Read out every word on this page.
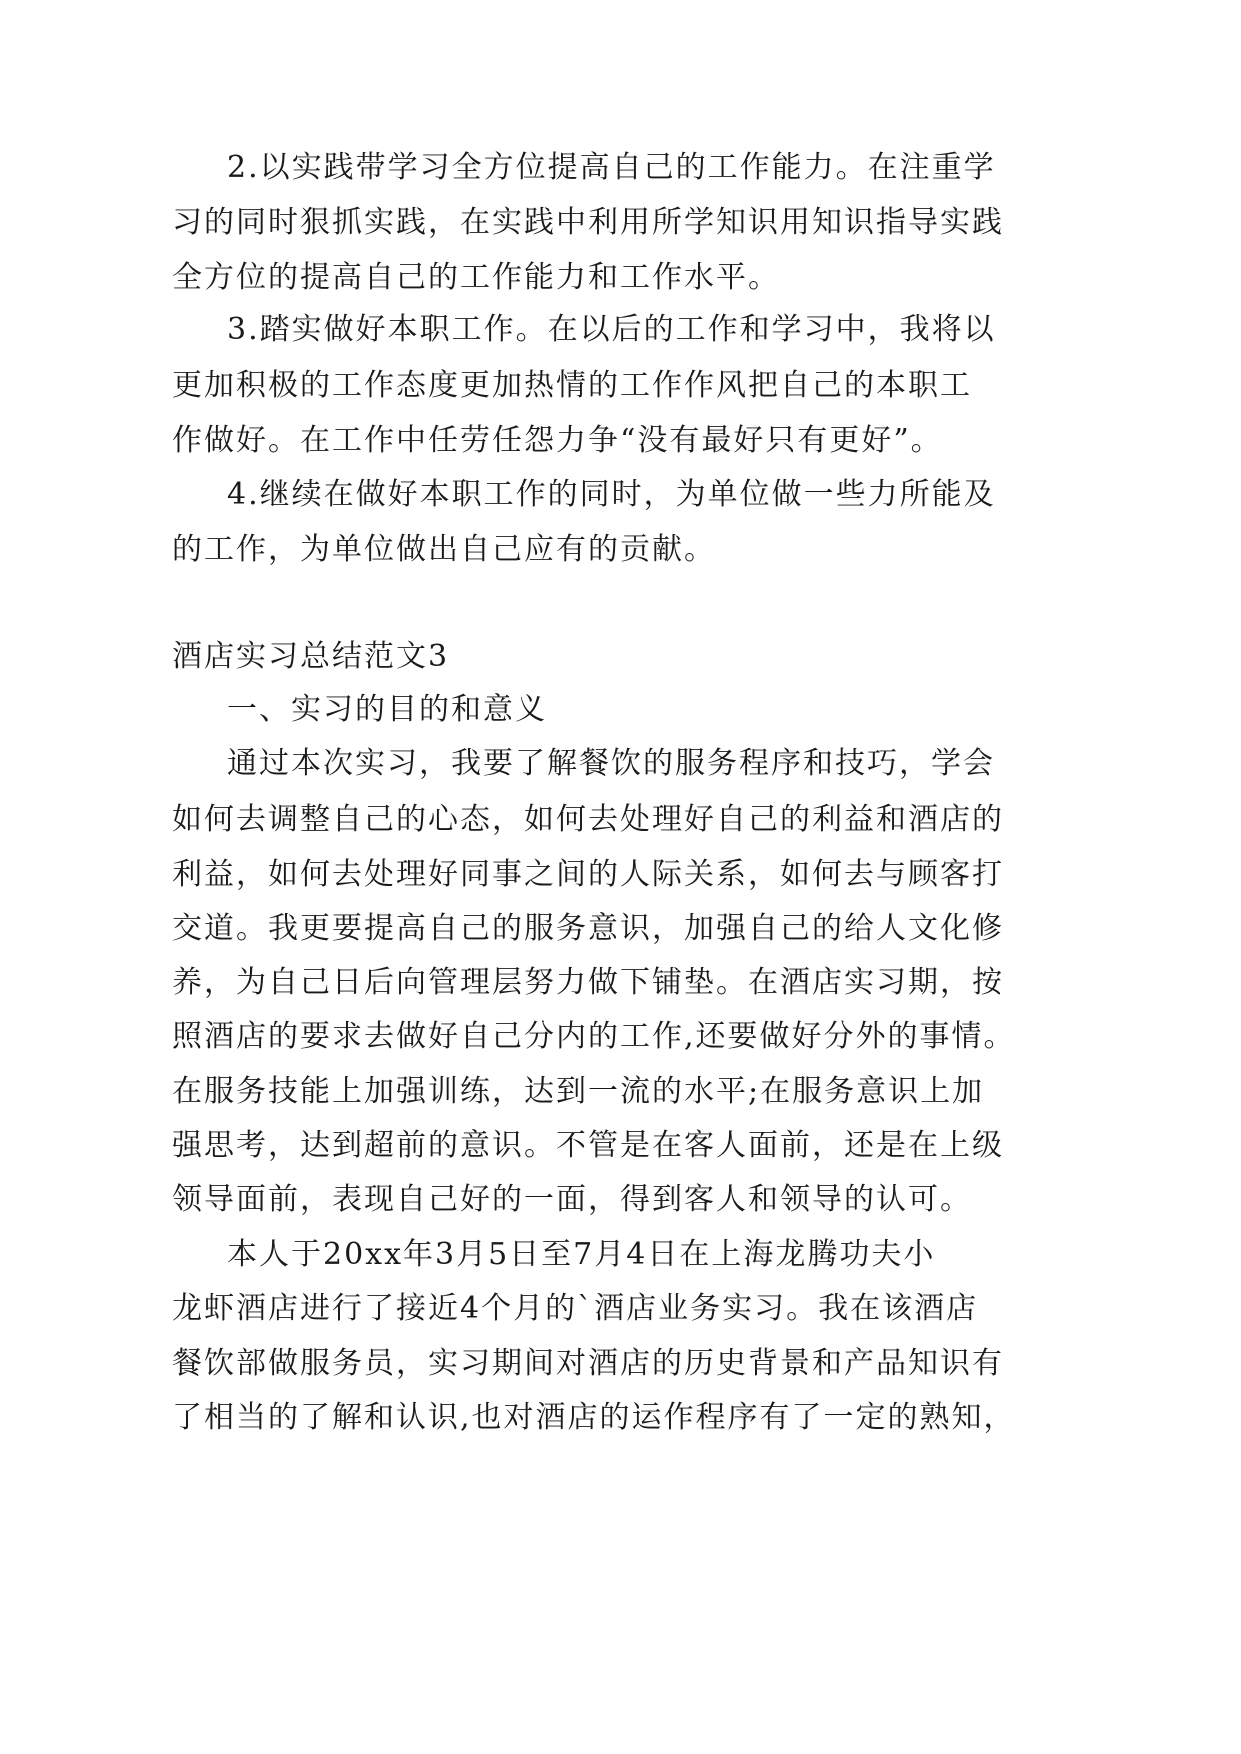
2.以实践带学习全方位提高自己的工作能力。在注重学
习的同时狠抓实践，在实践中利用所学知识用知识指导实践
全方位的提高自己的工作能力和工作水平。
3.踏实做好本职工作。在以后的工作和学习中，我将以
更加积极的工作态度更加热情的工作作风把自己的本职工
作做好。在工作中任劳任怨力争“没有最好只有更好”。
4.继续在做好本职工作的同时，为单位做一些力所能及
的工作，为单位做出自己应有的贡献。
酒店实习总结范文3
一、实习的目的和意义
通过本次实习，我要了解餐饮的服务程序和技巧，学会
如何去调整自己的心态，如何去处理好自己的利益和酒店的
利益，如何去处理好同事之间的人际关系，如何去与顾客打
交道。我更要提高自己的服务意识，加强自己的给人文化修
养，为自己日后向管理层努力做下铺垫。在酒店实习期，按
照酒店的要求去做好自己分内的工作,还要做好分外的事情。
在服务技能上加强训练，达到一流的水平;在服务意识上加
强思考，达到超前的意识。不管是在客人面前，还是在上级
领导面前，表现自己好的一面，得到客人和领导的认可。
本人于20xx年3月5日至7月4日在上海龙腾功夫小
龙虾酒店进行了接近4个月的`酒店业务实习。我在该酒店
餐饮部做服务员，实习期间对酒店的历史背景和产品知识有
了相当的了解和认识,也对酒店的运作程序有了一定的熟知，
